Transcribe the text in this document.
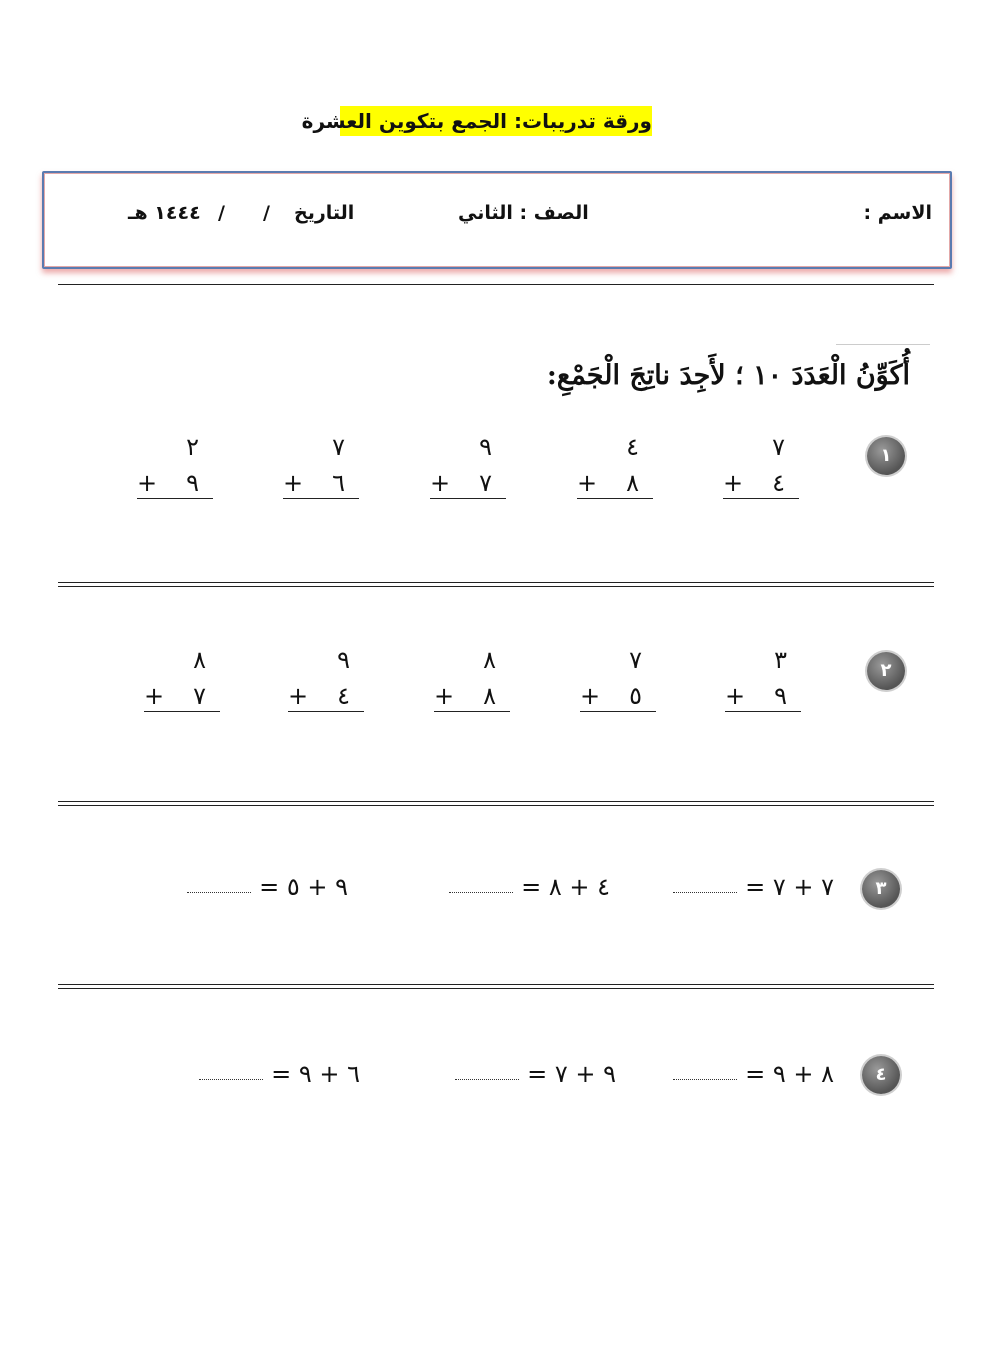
ورقة تدريبات: الجمع بتكوين العشرة
الاسم :
الصف : الثاني
التاريخ
/
/
١٤٤٤ هـ
أُكَوِّنُ الْعَدَدَ ١٠ ؛ لأَجِدَ ناتِجَ الْجَمْعِ:
١
٧
٤
+
٤
٨
+
٩
٧
+
٧
٦
+
٢
٩
+
٢
٣
٩
+
٧
٥
+
٨
٨
+
٩
٤
+
٨
٧
+
٣
= ٧ + ٧
= ٤ + ٨
= ٩ + ٥
٤
= ٨ + ٩
= ٩ + ٧
= ٦ + ٩
